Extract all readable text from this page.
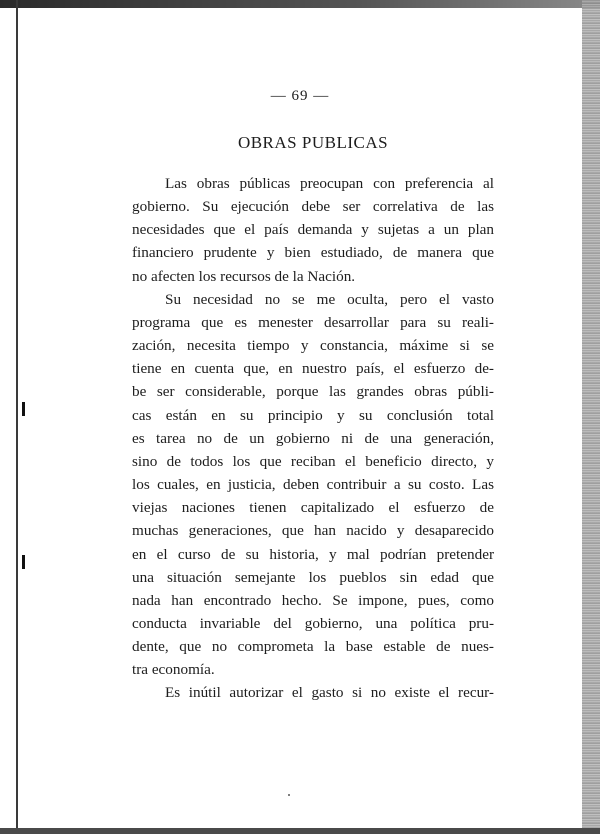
— 69 —
OBRAS PUBLICAS
Las obras públicas preocupan con preferencia al
gobierno. Su ejecución debe ser correlativa de las
necesidades que el país demanda y sujetas a un plan
financiero prudente y bien estudiado, de manera que
no afecten los recursos de la Nación.
Su necesidad no se me oculta, pero el vasto
programa que es menester desarrollar para su reali-
zación, necesita tiempo y constancia, máxime si se
tiene en cuenta que, en nuestro país, el esfuerzo de-
be ser considerable, porque las grandes obras públi-
cas están en su principio y su conclusión total
es tarea no de un gobierno ni de una generación,
sino de todos los que reciban el beneficio directo, y
los cuales, en justicia, deben contribuir a su costo. Las
viejas naciones tienen capitalizado el esfuerzo de
muchas generaciones, que han nacido y desaparecido
en el curso de su historia, y mal podrían pretender
una situación semejante los pueblos sin edad que
nada han encontrado hecho. Se impone, pues, como
conducta invariable del gobierno, una política pru-
dente, que no comprometa la base estable de nues-
tra economía.
Es inútil autorizar el gasto si no existe el recur-
